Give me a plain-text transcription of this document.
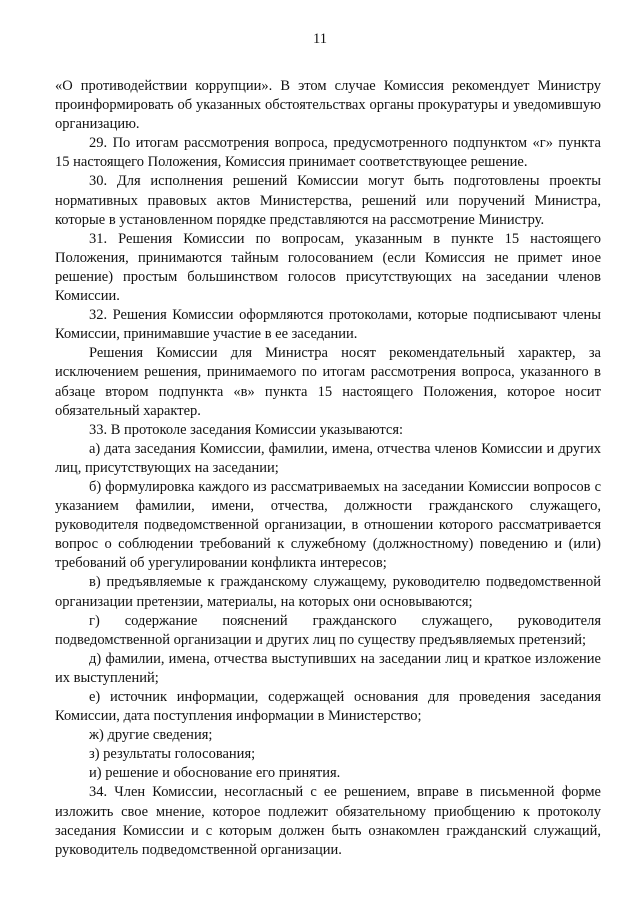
11

«О противодействии коррупции». В этом случае Комиссия рекомендует Министру проинформировать об указанных обстоятельствах органы прокуратуры и уведомившую организацию.

29. По итогам рассмотрения вопроса, предусмотренного подпунктом «г» пункта 15 настоящего Положения, Комиссия принимает соответствующее решение.

30. Для исполнения решений Комиссии могут быть подготовлены проекты нормативных правовых актов Министерства, решений или поручений Министра, которые в установленном порядке представляются на рассмотрение Министру.

31. Решения Комиссии по вопросам, указанным в пункте 15 настоящего Положения, принимаются тайным голосованием (если Комиссия не примет иное решение) простым большинством голосов присутствующих на заседании членов Комиссии.

32. Решения Комиссии оформляются протоколами, которые подписывают члены Комиссии, принимавшие участие в ее заседании.

Решения Комиссии для Министра носят рекомендательный характер, за исключением решения, принимаемого по итогам рассмотрения вопроса, указанного в абзаце втором подпункта «в» пункта 15 настоящего Положения, которое носит обязательный характер.

33. В протоколе заседания Комиссии указываются:

а) дата заседания Комиссии, фамилии, имена, отчества членов Комиссии и других лиц, присутствующих на заседании;

б) формулировка каждого из рассматриваемых на заседании Комиссии вопросов с указанием фамилии, имени, отчества, должности гражданского служащего, руководителя подведомственной организации, в отношении которого рассматривается вопрос о соблюдении требований к служебному (должностному) поведению и (или) требований об урегулировании конфликта интересов;

в) предъявляемые к гражданскому служащему, руководителю подведомственной организации претензии, материалы, на которых они основываются;

г) содержание пояснений гражданского служащего, руководителя подведомственной организации и других лиц по существу предъявляемых претензий;

д) фамилии, имена, отчества выступивших на заседании лиц и краткое изложение их выступлений;

е) источник информации, содержащей основания для проведения заседания Комиссии, дата поступления информации в Министерство;

ж) другие сведения;

з) результаты голосования;

и) решение и обоснование его принятия.

34. Член Комиссии, несогласный с ее решением, вправе в письменной форме изложить свое мнение, которое подлежит обязательному приобщению к протоколу заседания Комиссии и с которым должен быть ознакомлен гражданский служащий, руководитель подведомственной организации.
